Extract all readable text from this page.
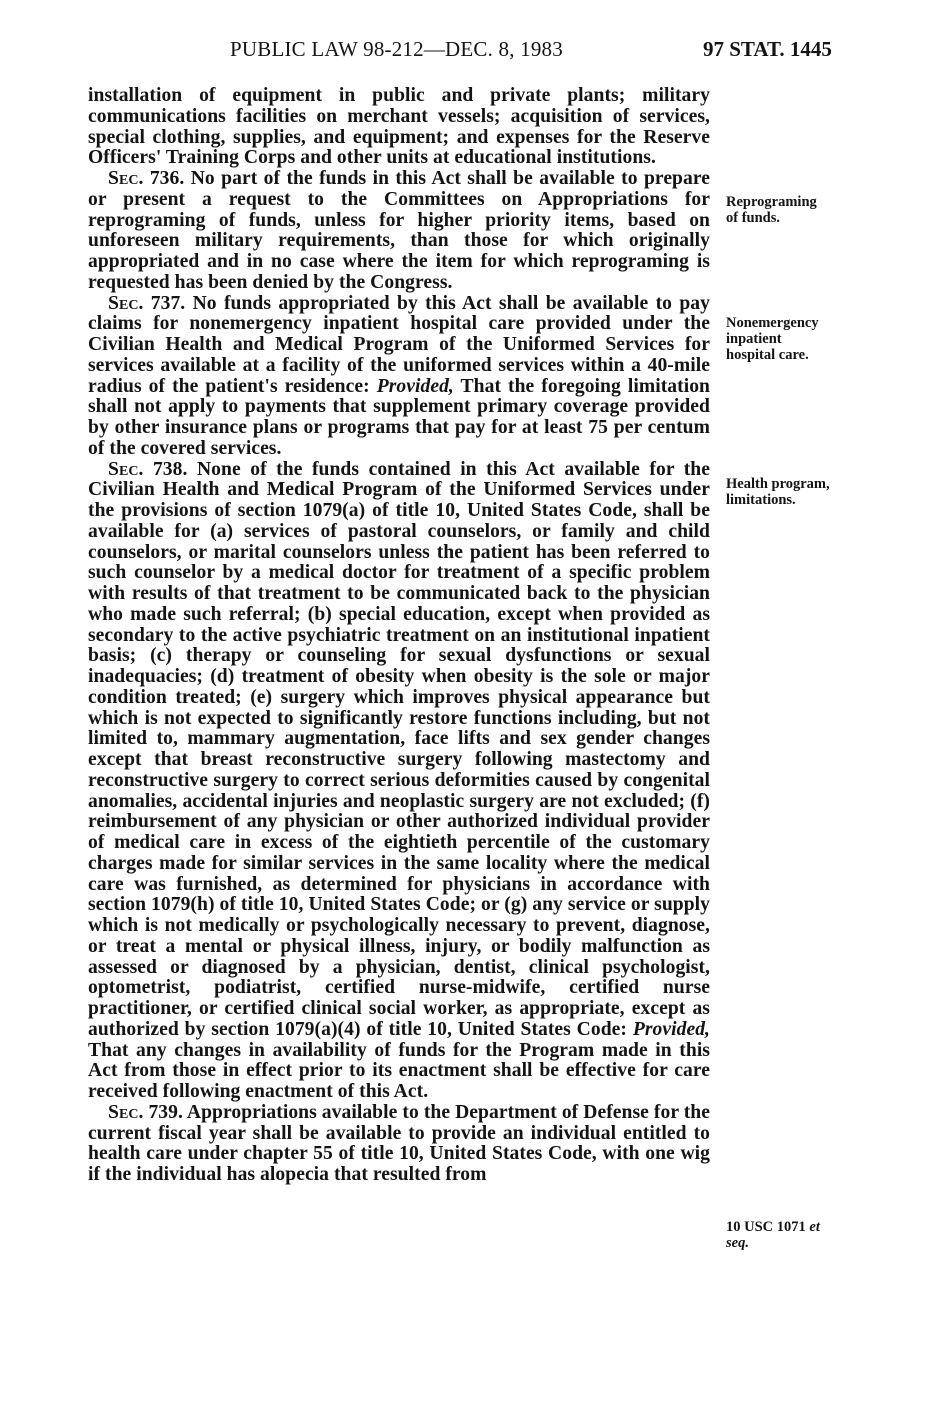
PUBLIC LAW 98-212—DEC. 8, 1983	97 STAT. 1445

installation of equipment in public and private plants; military communications facilities on merchant vessels; acquisition of services, special clothing, supplies, and equipment; and expenses for the Reserve Officers' Training Corps and other units at educational institutions.

Sec. 736. No part of the funds in this Act shall be available to prepare or present a request to the Committees on Appropriations for reprograming of funds, unless for higher priority items, based on unforeseen military requirements, than those for which originally appropriated and in no case where the item for which reprograming is requested has been denied by the Congress.

Sec. 737. No funds appropriated by this Act shall be available to pay claims for nonemergency inpatient hospital care provided under the Civilian Health and Medical Program of the Uniformed Services for services available at a facility of the uniformed services within a 40-mile radius of the patient's residence: Provided, That the foregoing limitation shall not apply to payments that supplement primary coverage provided by other insurance plans or programs that pay for at least 75 per centum of the covered services.

Sec. 738. None of the funds contained in this Act available for the Civilian Health and Medical Program of the Uniformed Services under the provisions of section 1079(a) of title 10, United States Code, shall be available for (a) services of pastoral counselors, or family and child counselors, or marital counselors unless the patient has been referred to such counselor by a medical doctor for treatment of a specific problem with results of that treatment to be communicated back to the physician who made such referral; (b) special education, except when provided as secondary to the active psychiatric treatment on an institutional inpatient basis; (c) therapy or counseling for sexual dysfunctions or sexual inadequacies; (d) treatment of obesity when obesity is the sole or major condition treated; (e) surgery which improves physical appearance but which is not expected to significantly restore functions including, but not limited to, mammary augmentation, face lifts and sex gender changes except that breast reconstructive surgery following mastectomy and reconstructive surgery to correct serious deformities caused by congenital anomalies, accidental injuries and neoplastic surgery are not excluded; (f) reimbursement of any physician or other authorized individual provider of medical care in excess of the eightieth percentile of the customary charges made for similar services in the same locality where the medical care was furnished, as determined for physicians in accordance with section 1079(h) of title 10, United States Code; or (g) any service or supply which is not medically or psychologically necessary to prevent, diagnose, or treat a mental or physical illness, injury, or bodily malfunction as assessed or diagnosed by a physician, dentist, clinical psychologist, optometrist, podiatrist, certified nurse-midwife, certified nurse practitioner, or certified clinical social worker, as appropriate, except as authorized by section 1079(a)(4) of title 10, United States Code: Provided, That any changes in availability of funds for the Program made in this Act from those in effect prior to its enactment shall be effective for care received following enactment of this Act.

Sec. 739. Appropriations available to the Department of Defense for the current fiscal year shall be available to provide an individual entitled to health care under chapter 55 of title 10, United States Code, with one wig if the individual has alopecia that resulted from

Reprograming
of funds.
Nonemergency
inpatient
hospital care.
Health program,
limitations.
10 USC 1071 et
seq.
